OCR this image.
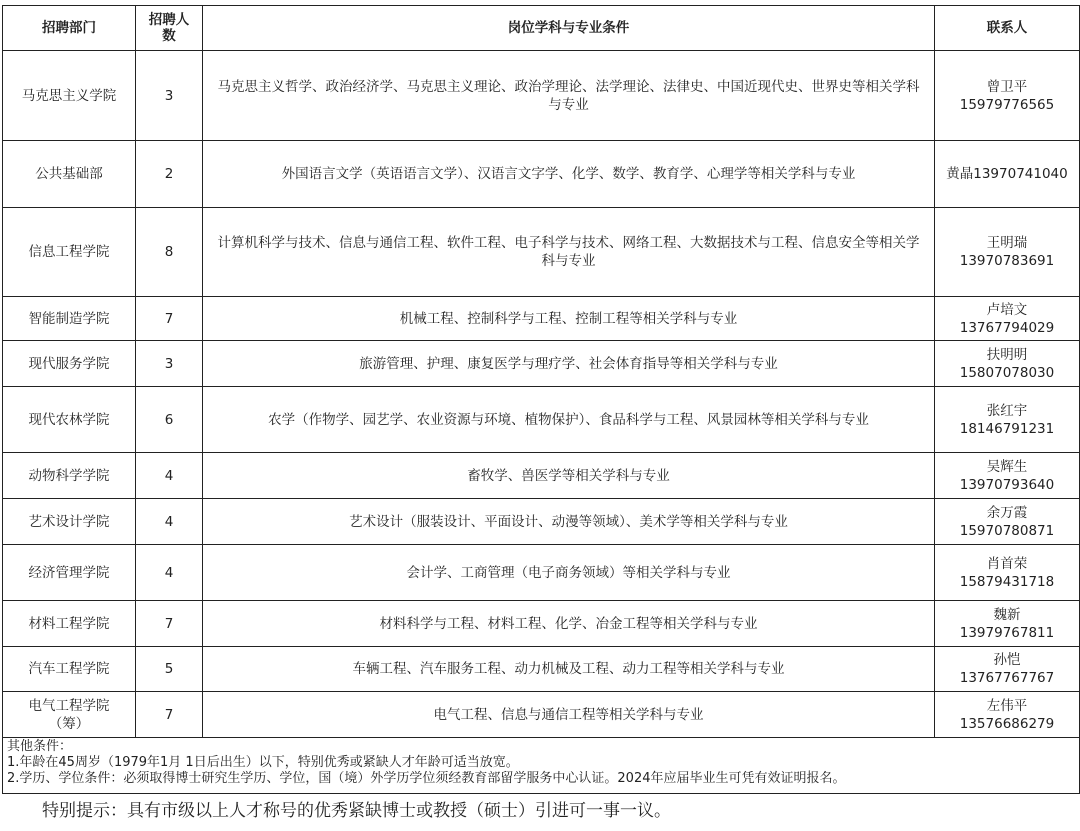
招聘部门	招聘人数	岗位学科与专业条件	联系人
马克思主义学院	3	马克思主义哲学、政治经济学、马克思主义理论、政治学理论、法学理论、法律史、中国近现代史、世界史等相关学科与专业	曾卫平
15979776565

公共基础部	2	外国语言文学（英语语言文学）、汉语言文字学、化学、数学、教育学、心理学等相关学科与专业	黄晶13970741040
信息工程学院	8	计算机科学与技术、信息与通信工程、软件工程、电子科学与技术、网络工程、大数据技术与工程、信息安全等相关学科与专业	王明瑞
13970783691

智能制造学院	7	机械工程、控制科学与工程、控制工程等相关学科与专业	卢培文
13767794029

现代服务学院	3	旅游管理、护理、康复医学与理疗学、社会体育指导等相关学科与专业	扶明明
15807078030

现代农林学院	6	农学（作物学、园艺学、农业资源与环境、植物保护）、食品科学与工程、风景园林等相关学科与专业	张红宇
18146791231

动物科学学院	4	畜牧学、兽医学等相关学科与专业	吴辉生
13970793640

艺术设计学院	4	艺术设计（服装设计、平面设计、动漫等领域）、美术学等相关学科与专业	余万霞
15970780871

经济管理学院	4	会计学、工商管理（电子商务领域）等相关学科与专业	肖首荣
15879431718

材料工程学院	7	材料科学与工程、材料工程、化学、冶金工程等相关学科与专业	魏新
13979767811

汽车工程学院	5	车辆工程、汽车服务工程、动力机械及工程、动力工程等相关学科与专业	孙恺
13767767767

电气工程学院（筹）	7	电气工程、信息与通信工程等相关学科与专业	左伟平
13576686279

其他条件：
1.年龄在45周岁（1979年1月 1日后出生）以下，特别优秀或紧缺人才年龄可适当放宽。
2.学历、学位条件：必须取得博士研究生学历、学位，国（境）外学历学位须经教育部留学服务中心认证。2024年应届毕业生可凭有效证明报名。			
特别提示：具有市级以上人才称号的优秀紧缺博士或教授（硕士）引进可一事一议。
